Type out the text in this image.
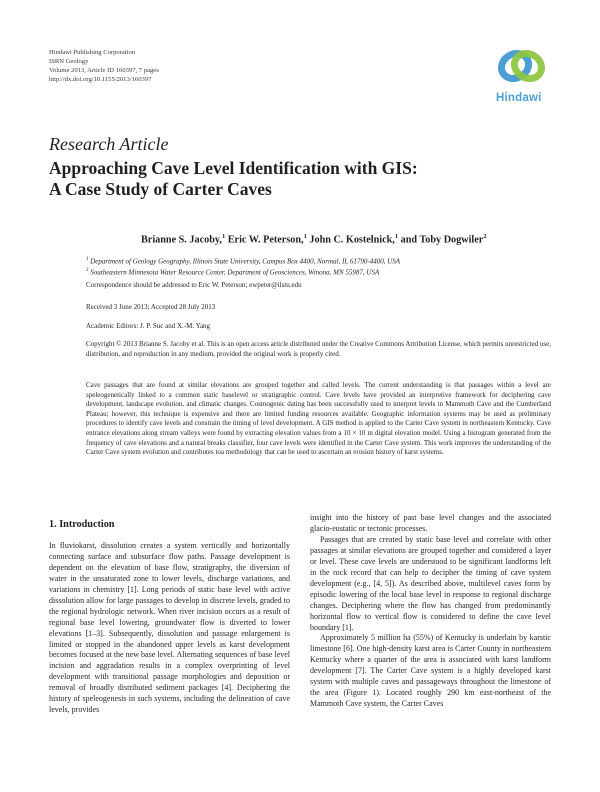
Hindawi Publishing Corporation
ISRN Geology
Volume 2013, Article ID 160397, 7 pages
http://dx.doi.org/10.1155/2013/160397
Hindawi
Research Article
Approaching Cave Level Identification with GIS:
A Case Study of Carter Caves
Brianne S. Jacoby,$^1$ Eric W. Peterson,$^1$ John C. Kostelnick,$^1$ and Toby Dogwiler$^2$
$^1$ Department of Geology Geography, Illinois State University, Campus Box 4400, Normal, IL 61790-4400, USA
$^2$ Southeastern Minnesota Water Resource Center, Department of Geosciences, Winona, MN 55987, USA
Correspondence should be addressed to Eric W. Peterson; ewpeter@ilstu.edu
Received 3 June 2013; Accepted 28 July 2013
Academic Editors: J. P. Suc and X.-M. Yang
Copyright © 2013 Brianne S. Jacoby et al. This is an open access article distributed under the Creative Commons Attribution License, which permits unrestricted use, distribution, and reproduction in any medium, provided the original work is properly cited.
Cave passages that are found at similar elevations are grouped together and called levels. The current understanding is that passages within a level are speleogenetically linked to a common static baselevel or stratigraphic control. Cave levels have provided an interpretive framework for deciphering cave development, landscape evolution, and climatic changes. Cosmogenic dating has been successfully used to interpret levels in Mammoth Cave and the Cumberland Plateau; however, this technique is expensive and there are limited funding resources available. Geographic information systems may be used as preliminary procedures to identify cave levels and constrain the timing of level development. A GIS method is applied to the Carter Cave system in northeastern Kentucky. Cave entrance elevations along stream valleys were found by extracting elevation values from a 10 × 10 m digital elevation model. Using a histogram generated from the frequency of cave elevations and a natural breaks classifier, four cave levels were identified in the Carter Cave system. This work improves the understanding of the Carter Cave system evolution and contributes toa methodology that can be used to ascertain an erosion history of karst systems.
1. Introduction

In fluviokarst, dissolution creates a system vertically and horizontally connecting surface and subsurface flow paths. Passage development is dependent on the elevation of base flow, stratigraphy, the diversion of water in the unsaturated zone to lower levels, discharge variations, and variations in chemistry [1]. Long periods of static base level with active dissolution allow for large passages to develop in discrete levels, graded to the regional hydrologic network. When river incision occurs as a result of regional base level lowering, groundwater flow is diverted to lower elevations [1–3]. Subsequently, dissolution and passage enlargement is limited or stopped in the abandoned upper levels as karst development becomes focused at the new base level. Alternating sequences of base level incision and aggradation results in a complex overprinting of level development with transitional passage morphologies and deposition or removal of broadly distributed sediment packages [4]. Deciphering the history of speleogenesis in such systems, including the delineation of cave levels, provides

insight into the history of past base level changes and the associated glacio-eustatic or tectonic processes.

Passages that are created by static base level and correlate with other passages at similar elevations are grouped together and considered a layer or level. These cave levels are understood to be significant landforms left in the rock record that can help to decipher the timing of cave system development (e.g., [4, 5]). As described above, multilevel caves form by episodic lowering of the local base level in response to regional discharge changes. Deciphering where the flow has changed from predominantly horizontal flow to vertical flow is considered to define the cave level boundary [1].

Approximately 5 million ha (55%) of Kentucky is underlain by karstic limestone [6]. One high-density karst area is Carter County in northeastern Kentucky where a quarter of the area is associated with karst landform development [7]. The Carter Cave system is a highly developed karst system with multiple caves and passageways throughout the limestone of the area (Figure 1). Located roughly 290 km east-northeast of the Mammoth Cave system, the Carter Caves
